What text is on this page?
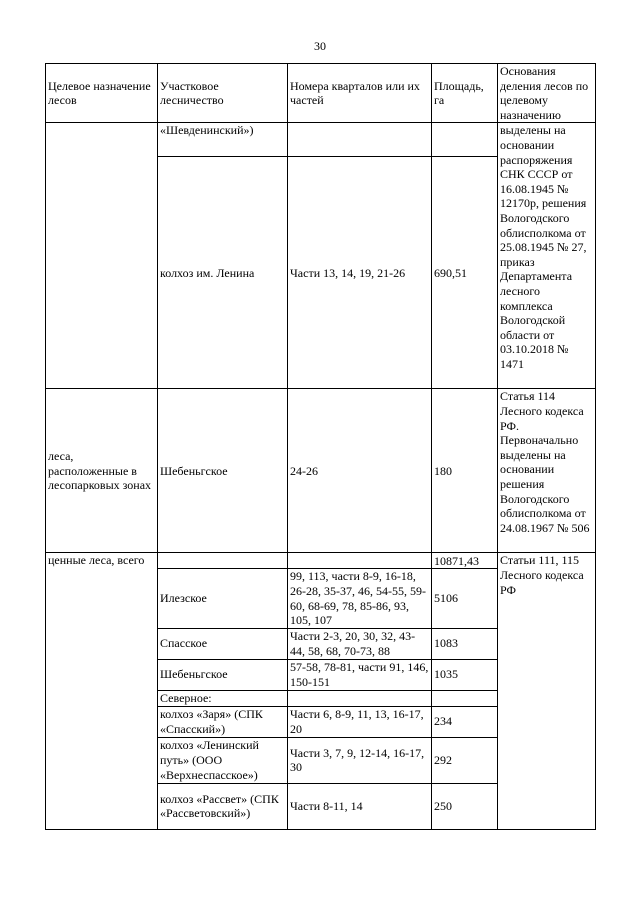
30
Целевое назначение лесов	Участковое лесничество	Номера кварталов или их частей	Площадь, га	Основания деления лесов по целевому назначению
	«Шевденинский»)			выделены на основании распоряжения СНК СССР от 16.08.1945 № 12170р, решения Вологодского облисполкома от 25.08.1945 № 27, приказ Департамента лесного комплекса Вологодской области от 03.10.2018 № 1471
	колхоз им. Ленина	Части 13, 14, 19, 21-26	690,51	
леса, расположенные в лесопарковых зонах	Шебеньгское	24-26	180	Статья 114 Лесного кодекса РФ. Первоначально выделены на основании решения Вологодского облисполкома от 24.08.1967 № 506
ценные леса, всего			10871,43	Статьи 111, 115 Лесного кодекса РФ
	Илезское	99, 113, части 8-9, 16-18, 26-28, 35-37, 46, 54-55, 59-60, 68-69, 78, 85-86, 93, 105, 107	5106	
	Спасское	Части 2-3, 20, 30, 32, 43-44, 58, 68, 70-73, 88	1083	
	Шебеньгское	57-58, 78-81, части 91, 146, 150-151	1035	
	Северное:			
	колхоз «Заря» (СПК «Спасский»)	Части 6, 8-9, 11, 13, 16-17, 20	234	
	колхоз «Ленинский путь» (ООО «Верхнеспасское»)	Части 3, 7, 9, 12-14, 16-17, 30	292	
	колхоз «Рассвет» (СПК «Рассветовский»)	Части 8-11, 14	250	
